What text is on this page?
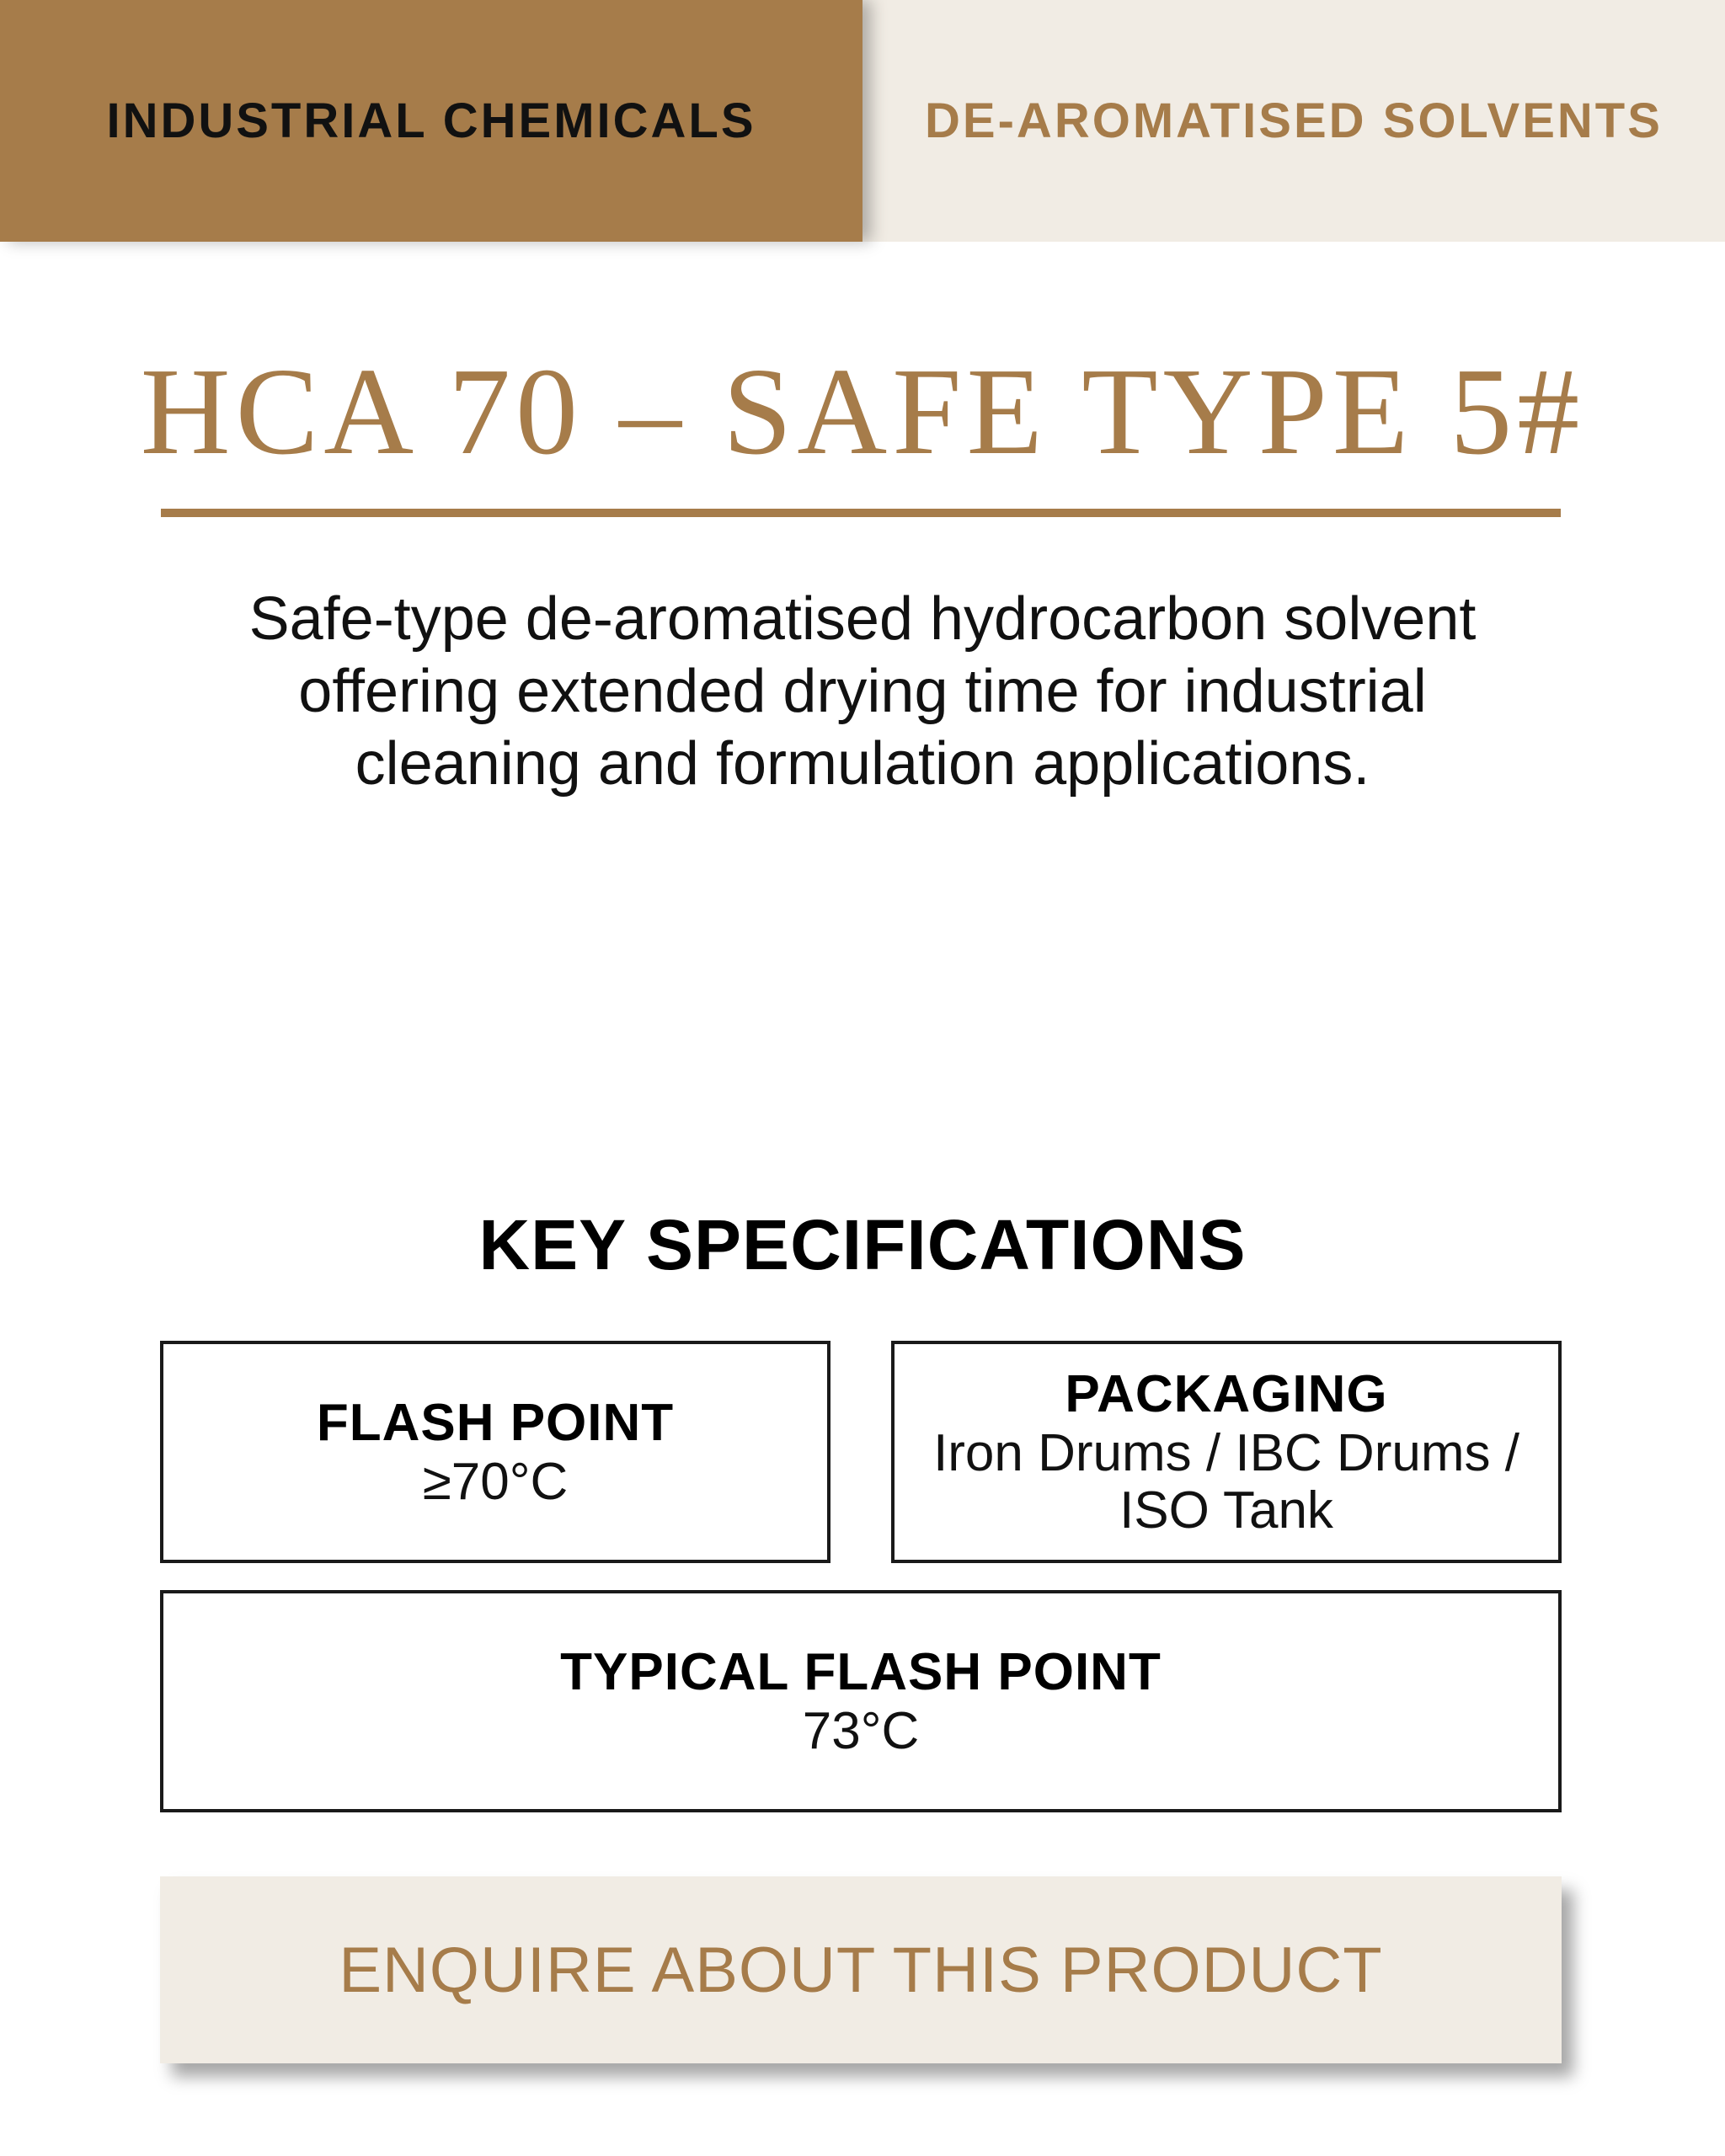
INDUSTRIAL CHEMICALS	DE-AROMATISED SOLVENTS
HCA 70 – SAFE TYPE 5#

Safe-type de-aromatised hydrocarbon solvent offering extended drying time for industrial cleaning and formulation applications.

KEY SPECIFICATIONS
FLASH POINT
≥70°C
PACKAGING
Iron Drums / IBC Drums / ISO Tank
TYPICAL FLASH POINT
73°C
ENQUIRE ABOUT THIS PRODUCT
